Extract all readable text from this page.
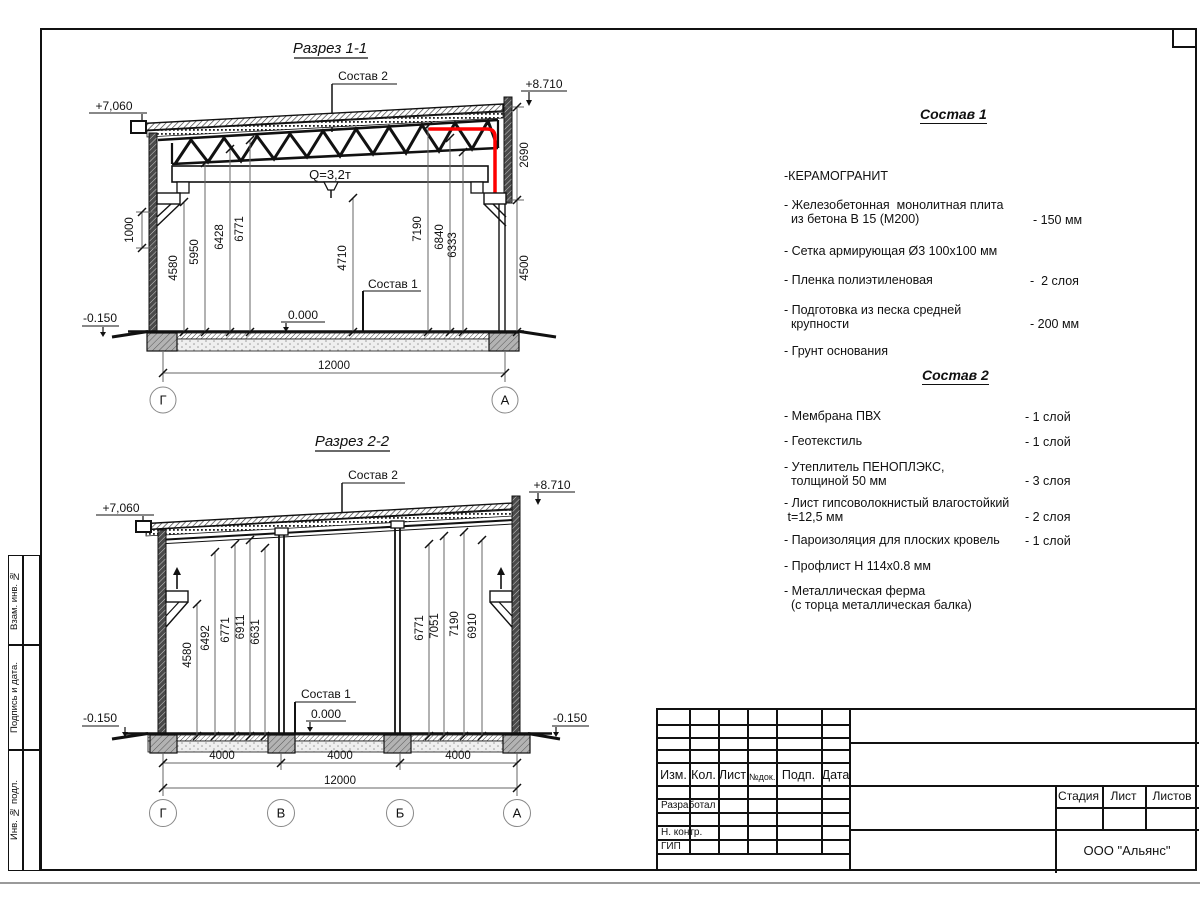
Взам. инв. №
Подпись и дата.
Инв. № подл.
Разрез 1-1
Состав 2
+8.710
+7,060
Q=3,2т
4580
5950
6428 6771
4710
7190 6840 6333
1000
2690
4500
Состав 1
0.000
-0.150
12000
Г	А
Разрез 2-2
Состав 2
+8.710
+7,060
4580
6492 6771 6911 6631	6771 7051 7190 6910
Состав 1
0.000
-0.150	-0.150
4000	4000	4000
12000
Г	В	Б	А
Состав 1
-КЕРАМОГРАНИТ
- Железобетонная  монолитная плита
из бетона В 15 (М200)	- 150 мм
- Сетка армирующая Ø3 100х100 мм
- Пленка полиэтиленовая	-  2 слоя
- Подготовка из песка средней
крупности	- 200 мм
- Грунт основания
Состав 2
- Мембрана ПВХ	- 1 слой
- Геотекстиль	- 1 слой
- Утеплитель ПЕНОПЛЭКС,
толщиной 50 мм	- 3 слоя
- Лист гипсоволокнистый влагостойкий
t=12,5 мм	- 2 слоя
- Пароизоляция для плоских кровель - 1 слой
- Профлист Н 114х0.8 мм
- Металлическая ферма
(с торца металлическая балка)
Изм. Кол. Лист №док. Подп. Дата
Разработал
Н. контр.
ГИП
Стадия Лист	Листов
ООО "Альянс"
